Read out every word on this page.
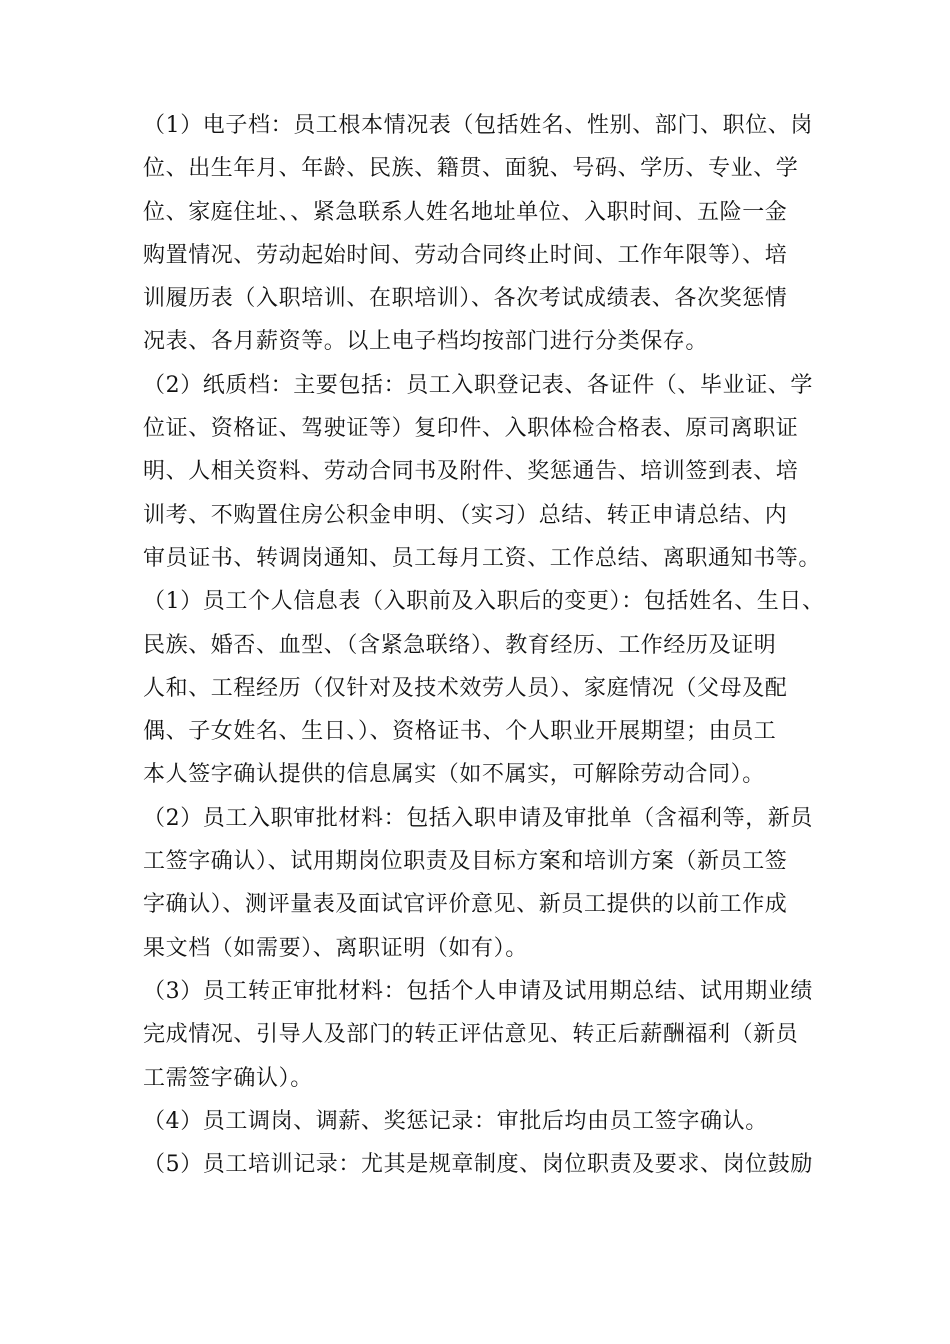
（1）电子档：员工根本情况表（包括姓名、性别、部门、职位、岗
位、出生年月、年龄、民族、籍贯、面貌、号码、学历、专业、学
位、家庭住址、、紧急联系人姓名地址单位、入职时间、五险一金
购置情况、劳动起始时间、劳动合同终止时间、工作年限等）、培
训履历表（入职培训、在职培训）、各次考试成绩表、各次奖惩情
况表、各月薪资等。以上电子档均按部门进行分类保存。
（2）纸质档：主要包括：员工入职登记表、各证件（、毕业证、学
位证、资格证、驾驶证等）复印件、入职体检合格表、原司离职证
明、人相关资料、劳动合同书及附件、奖惩通告、培训签到表、培
训考、不购置住房公积金申明、（实习）总结、转正申请总结、内
审员证书、转调岗通知、员工每月工资、工作总结、离职通知书等。
（1）员工个人信息表（入职前及入职后的变更）：包括姓名、生日、
民族、婚否、血型、（含紧急联络）、教育经历、工作经历及证明
人和、工程经历（仅针对及技术效劳人员）、家庭情况（父母及配
偶、子女姓名、生日、）、资格证书、个人职业开展期望；由员工
本人签字确认提供的信息属实（如不属实，可解除劳动合同）。
（2）员工入职审批材料：包括入职申请及审批单（含福利等，新员
工签字确认）、试用期岗位职责及目标方案和培训方案（新员工签
字确认）、测评量表及面试官评价意见、新员工提供的以前工作成
果文档（如需要）、离职证明（如有）。
（3）员工转正审批材料：包括个人申请及试用期总结、试用期业绩
完成情况、引导人及部门的转正评估意见、转正后薪酬福利（新员
工需签字确认）。
（4）员工调岗、调薪、奖惩记录：审批后均由员工签字确认。
（5）员工培训记录：尤其是规章制度、岗位职责及要求、岗位鼓励
